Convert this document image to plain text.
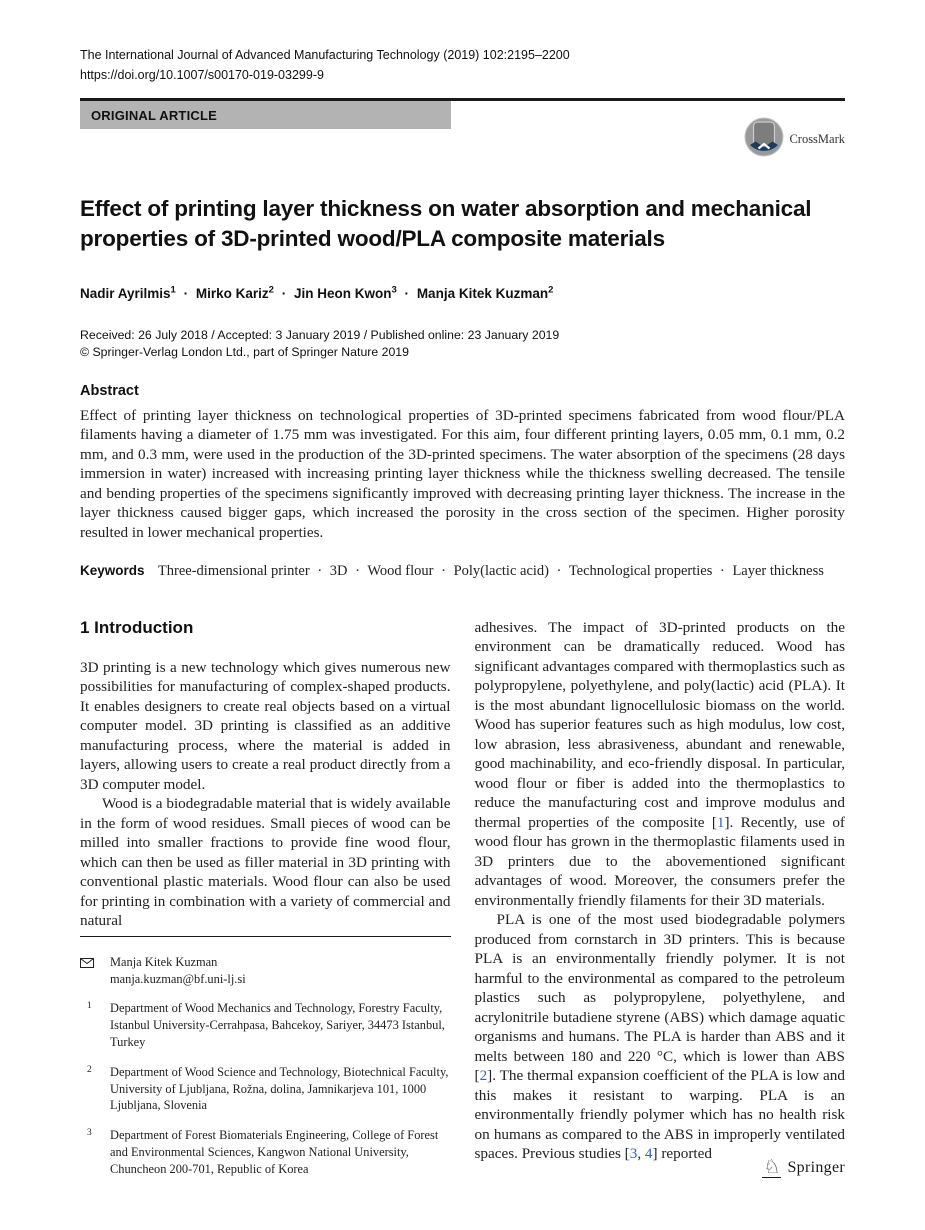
The International Journal of Advanced Manufacturing Technology (2019) 102:2195–2200
https://doi.org/10.1007/s00170-019-03299-9
ORIGINAL ARTICLE
CrossMark
Effect of printing layer thickness on water absorption and mechanical properties of 3D-printed wood/PLA composite materials
Nadir Ayrilmis$^1$ · Mirko Kariz$^2$ · Jin Heon Kwon$^3$ · Manja Kitek Kuzman$^2$
Received: 26 July 2018 / Accepted: 3 January 2019 / Published online: 23 January 2019
© Springer-Verlag London Ltd., part of Springer Nature 2019
Abstract

Effect of printing layer thickness on technological properties of 3D-printed specimens fabricated from wood flour/PLA filaments having a diameter of 1.75 mm was investigated. For this aim, four different printing layers, 0.05 mm, 0.1 mm, 0.2 mm, and 0.3 mm, were used in the production of the 3D-printed specimens. The water absorption of the specimens (28 days immersion in water) increased with increasing printing layer thickness while the thickness swelling decreased. The tensile and bending properties of the specimens significantly improved with decreasing printing layer thickness. The increase in the layer thickness caused bigger gaps, which increased the porosity in the cross section of the specimen. Higher porosity resulted in lower mechanical properties.

Keywords Three-dimensional printer · 3D · Wood flour · Poly(lactic acid) · Technological properties · Layer thickness
1 Introduction

3D printing is a new technology which gives numerous new possibilities for manufacturing of complex-shaped products. It enables designers to create real objects based on a virtual computer model. 3D printing is classified as an additive manufacturing process, where the material is added in layers, allowing users to create a real product directly from a 3D computer model.

Wood is a biodegradable material that is widely available in the form of wood residues. Small pieces of wood can be milled into smaller fractions to provide fine wood flour, which can then be used as filler material in 3D printing with conventional plastic materials. Wood flour can also be used for printing in combination with a variety of commercial and natural

Manja Kitek Kuzman
manja.kuzman@bf.uni-lj.si
1 Department of Wood Mechanics and Technology, Forestry Faculty, Istanbul University-Cerrahpasa, Bahcekoy, Sariyer, 34473 Istanbul, Turkey
2 Department of Wood Science and Technology, Biotechnical Faculty, University of Ljubljana, Rožna, dolina, Jamnikarjeva 101, 1000 Ljubljana, Slovenia
3 Department of Forest Biomaterials Engineering, College of Forest and Environmental Sciences, Kangwon National University, Chuncheon 200-701, Republic of Korea

adhesives. The impact of 3D-printed products on the environment can be dramatically reduced. Wood has significant advantages compared with thermoplastics such as polypropylene, polyethylene, and poly(lactic) acid (PLA). It is the most abundant lignocellulosic biomass on the world. Wood has superior features such as high modulus, low cost, low abrasion, less abrasiveness, abundant and renewable, good machinability, and eco-friendly disposal. In particular, wood flour or fiber is added into the thermoplastics to reduce the manufacturing cost and improve modulus and thermal properties of the composite [1]. Recently, use of wood flour has grown in the thermoplastic filaments used in 3D printers due to the abovementioned significant advantages of wood. Moreover, the consumers prefer the environmentally friendly filaments for their 3D materials.

PLA is one of the most used biodegradable polymers produced from cornstarch in 3D printers. This is because PLA is an environmentally friendly polymer. It is not harmful to the environmental as compared to the petroleum plastics such as polypropylene, polyethylene, and acrylonitrile butadiene styrene (ABS) which damage aquatic organisms and humans. The PLA is harder than ABS and it melts between 180 and 220 °C, which is lower than ABS [2]. The thermal expansion coefficient of the PLA is low and this makes it resistant to warping. PLA is an environmentally friendly polymer which has no health risk on humans as compared to the ABS in improperly ventilated spaces. Previous studies [3, 4] reported

♘ Springer
